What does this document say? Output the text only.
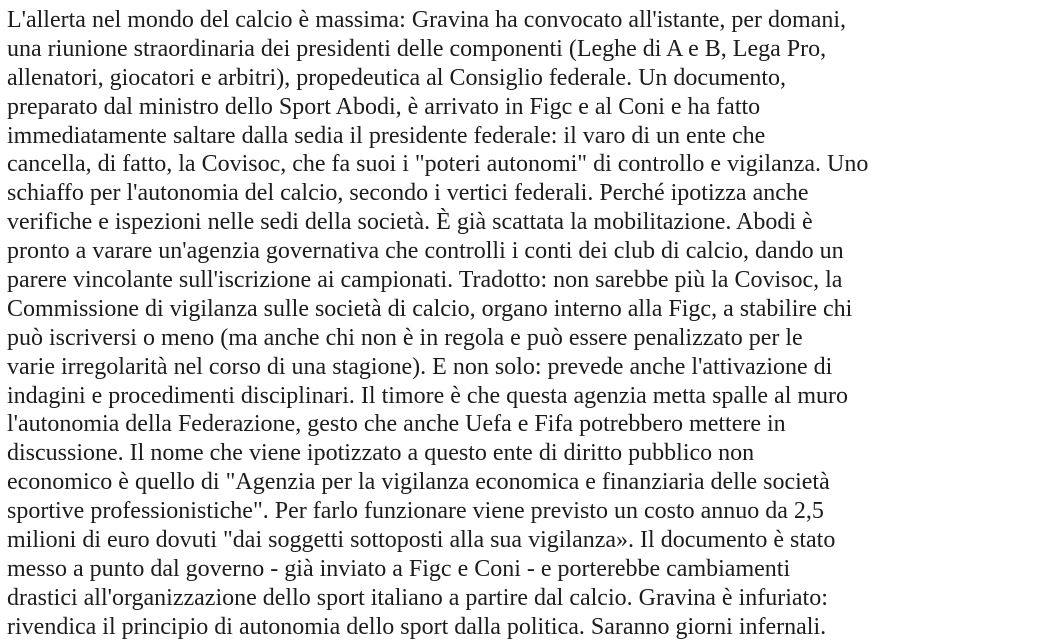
L'allerta nel mondo del calcio è massima: Gravina ha convocato all'istante, per domani,
una riunione straordinaria dei presidenti delle componenti (Leghe di A e B, Lega Pro,
allenatori, giocatori e arbitri), propedeutica al Consiglio federale. Un documento,
preparato dal ministro dello Sport Abodi, è arrivato in Figc e al Coni e ha fatto
immediatamente saltare dalla sedia il presidente federale: il varo di un ente che
cancella, di fatto, la Covisoc, che fa suoi i "poteri autonomi" di controllo e vigilanza. Uno
schiaffo per l'autonomia del calcio, secondo i vertici federali. Perché ipotizza anche
verifiche e ispezioni nelle sedi della società. È già scattata la mobilitazione. Abodi è
pronto a varare un'agenzia governativa che controlli i conti dei club di calcio, dando un
parere vincolante sull'iscrizione ai campionati. Tradotto: non sarebbe più la Covisoc, la
Commissione di vigilanza sulle società di calcio, organo interno alla Figc, a stabilire chi
può iscriversi o meno (ma anche chi non è in regola e può essere penalizzato per le
varie irregolarità nel corso di una stagione). E non solo: prevede anche l'attivazione di
indagini e procedimenti disciplinari. Il timore è che questa agenzia metta spalle al muro
l'autonomia della Federazione, gesto che anche Uefa e Fifa potrebbero mettere in
discussione. Il nome che viene ipotizzato a questo ente di diritto pubblico non
economico è quello di "Agenzia per la vigilanza economica e finanziaria delle società
sportive professionistiche". Per farlo funzionare viene previsto un costo annuo da 2,5
milioni di euro dovuti "dai soggetti sottoposti alla sua vigilanza». Il documento è stato
messo a punto dal governo - già inviato a Figc e Coni - e porterebbe cambiamenti
drastici all'organizzazione dello sport italiano a partire dal calcio. Gravina è infuriato:
rivendica il principio di autonomia dello sport dalla politica. Saranno giorni infernali.
